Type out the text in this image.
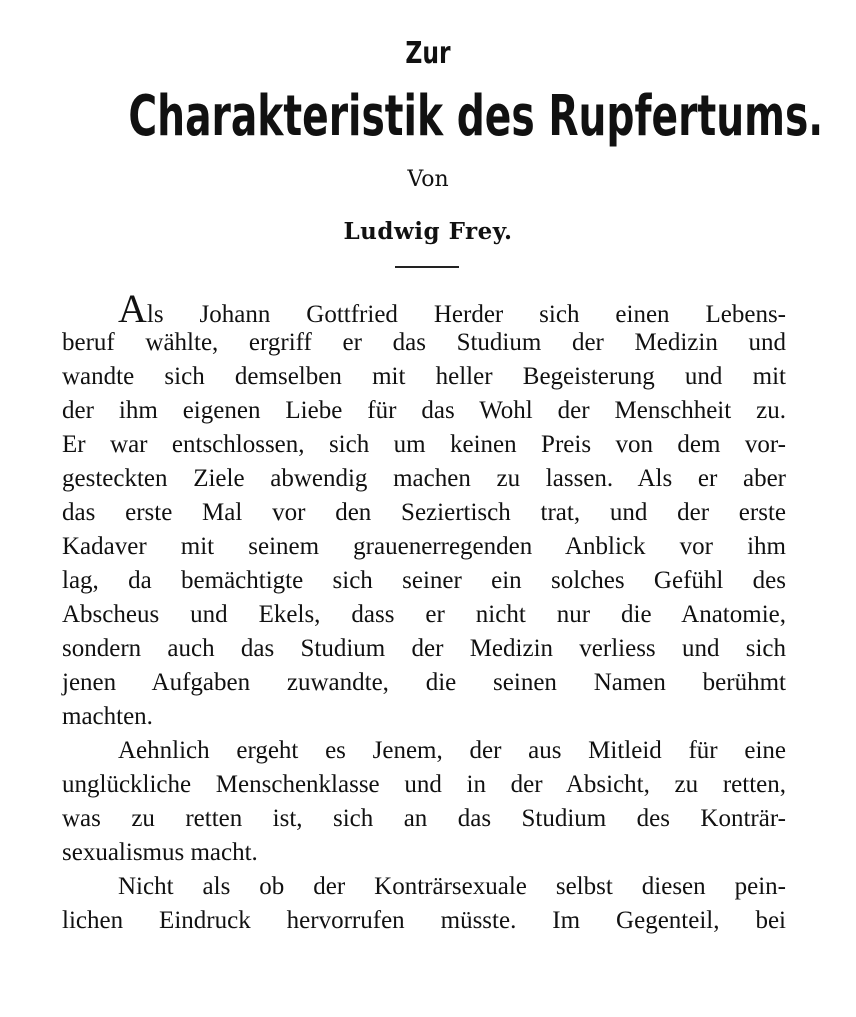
Zur
Charakteristik des Rupfertums.
Von
Ludwig Frey.
Als Johann Gottfried Herder sich einen Lebens-
beruf wählte, ergriff er das Studium der Medizin und
wandte sich demselben mit heller Begeisterung und mit
der ihm eigenen Liebe für das Wohl der Menschheit zu.
Er war entschlossen, sich um keinen Preis von dem vor-
gesteckten Ziele abwendig machen zu lassen. Als er aber
das erste Mal vor den Seziertisch trat, und der erste
Kadaver mit seinem grauenerregenden Anblick vor ihm
lag, da bemächtigte sich seiner ein solches Gefühl des
Abscheus und Ekels, dass er nicht nur die Anatomie,
sondern auch das Studium der Medizin verliess und sich
jenen Aufgaben zuwandte, die seinen Namen berühmt
machten.
Aehnlich ergeht es Jenem, der aus Mitleid für eine
unglückliche Menschenklasse und in der Absicht, zu retten,
was zu retten ist, sich an das Studium des Konträr-
sexualismus macht.
Nicht als ob der Konträrsexuale selbst diesen pein-
lichen Eindruck hervorrufen müsste. Im Gegenteil, bei
